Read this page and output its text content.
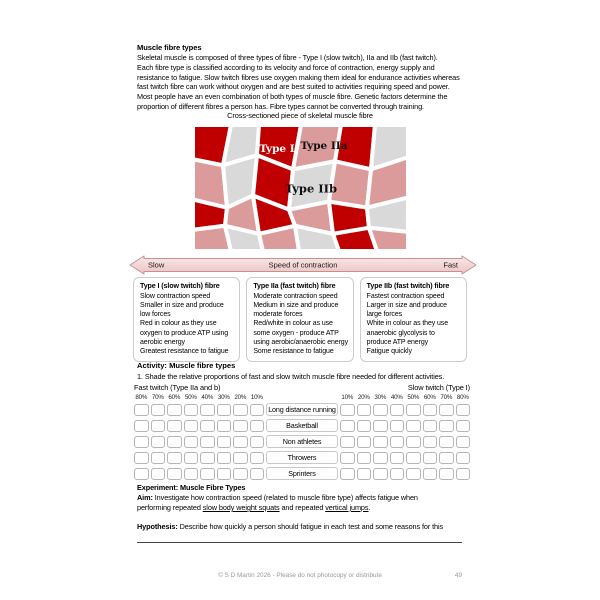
Muscle fibre types
Skeletal muscle is composed of three types of fibre - Type I (slow twitch), IIa and IIb (fast twitch).
Each fibre type is classified according to its velocity and force of contraction, energy supply and
resistance to fatigue. Slow twitch fibres use oxygen making them ideal for endurance activities whereas
fast twitch fibre can work without oxygen and are best suited to activities requiring speed and power.
Most people have an even combination of both types of muscle fibre. Genetic factors determine the
proportion of different fibres a person has. Fibre types cannot be converted through training.
Cross-sectioned piece of skeletal muscle fibre
Type I Type IIa
Type IIb
Slow	Speed of contraction	Fast
Type I (slow twitch) fibre
Slow contraction speed
Smaller in size and produce
low forces
Red in colour as they use
oxygen to produce ATP using
aerobic energy
Greatest resistance to fatigue
Type IIa (fast twitch) fibre
Moderate contraction speed
Medium in size and produce
moderate forces
Red/white in colour as use
some oxygen - produce ATP
using aerobic/anaerobic energy
Some resistance to fatigue
Type IIb (fast twitch) fibre
Fastest contraction speed
Larger in size and produce
large forces
White in colour as they use
anaerobic glycolysis to
produce ATP energy
Fatigue quickly
Activity: Muscle fibre types
1. Shade the relative proportions of fast and slow twitch muscle fibre needed for different activities.
Fast twitch (Type IIa and b)	Slow twitch (Type I)
80% 70% 60% 50% 40% 30% 20% 10%	10% 20% 30% 40% 50% 60% 70% 80%
Long distance running
Basketball
Non athletes
Throwers
Sprinters
Experiment: Muscle Fibre Types
Aim: Investigate how contraction speed (related to muscle fibre type) affects fatigue when
performing repeated slow body weight squats and repeated vertical jumps.
Hypothesis: Describe how quickly a person should fatigue in each test and some reasons for this
© S D Martin 2026 - Please do not photocopy or distribute	49
